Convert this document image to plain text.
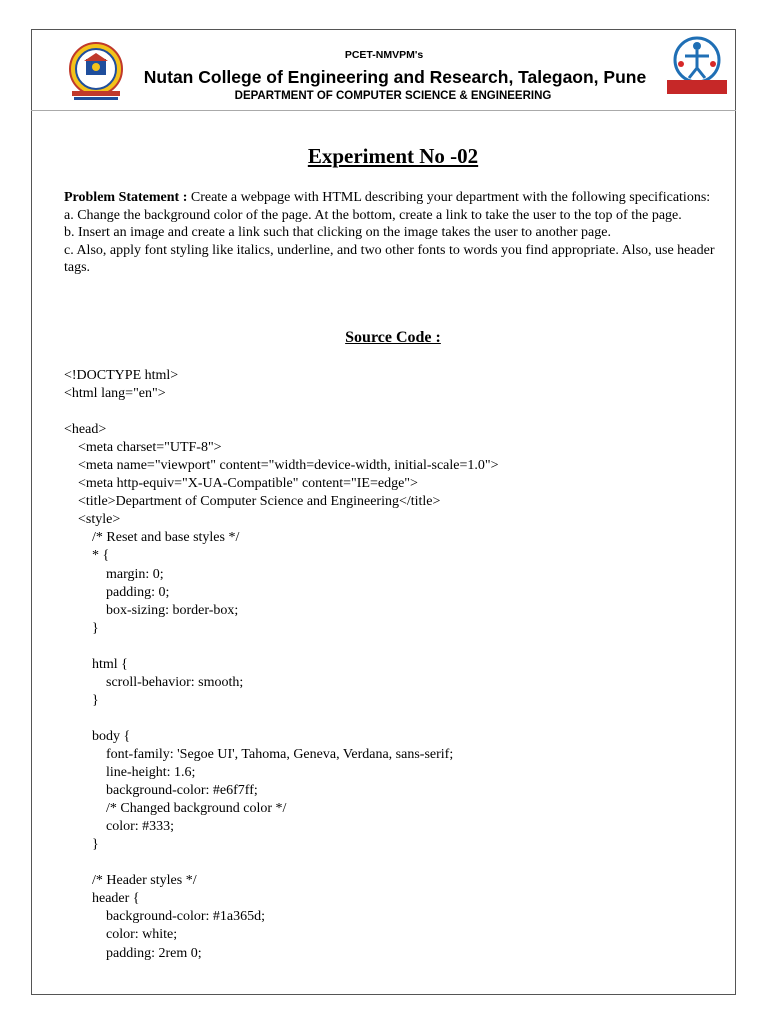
PCET-NMVPM's
Nutan College of Engineering and Research, Talegaon, Pune
DEPARTMENT OF COMPUTER SCIENCE & ENGINEERING
Experiment No -02

Problem Statement : Create a webpage with HTML describing your department with the following specifications:

a. Change the background color of the page. At the bottom, create a link to take the user to the top of the page.

b. Insert an image and create a link such that clicking on the image takes the user to another page.

c. Also, apply font styling like italics, underline, and two other fonts to words you find appropriate. Also, use header tags.

Source Code :
<!DOCTYPE html>
<html lang="en">
<head>
<meta charset="UTF-8">
<meta name="viewport" content="width=device-width, initial-scale=1.0">
<meta http-equiv="X-UA-Compatible" content="IE=edge">
<title>Department of Computer Science and Engineering</title>
<style>
/* Reset and base styles */
* {
margin: 0;
padding: 0;
box-sizing: border-box;
}
html {
scroll-behavior: smooth;
}
body {
font-family: 'Segoe UI', Tahoma, Geneva, Verdana, sans-serif;
line-height: 1.6;
background-color: #e6f7ff;
/* Changed background color */
color: #333;
}
/* Header styles */
header {
background-color: #1a365d;
color: white;
padding: 2rem 0;
